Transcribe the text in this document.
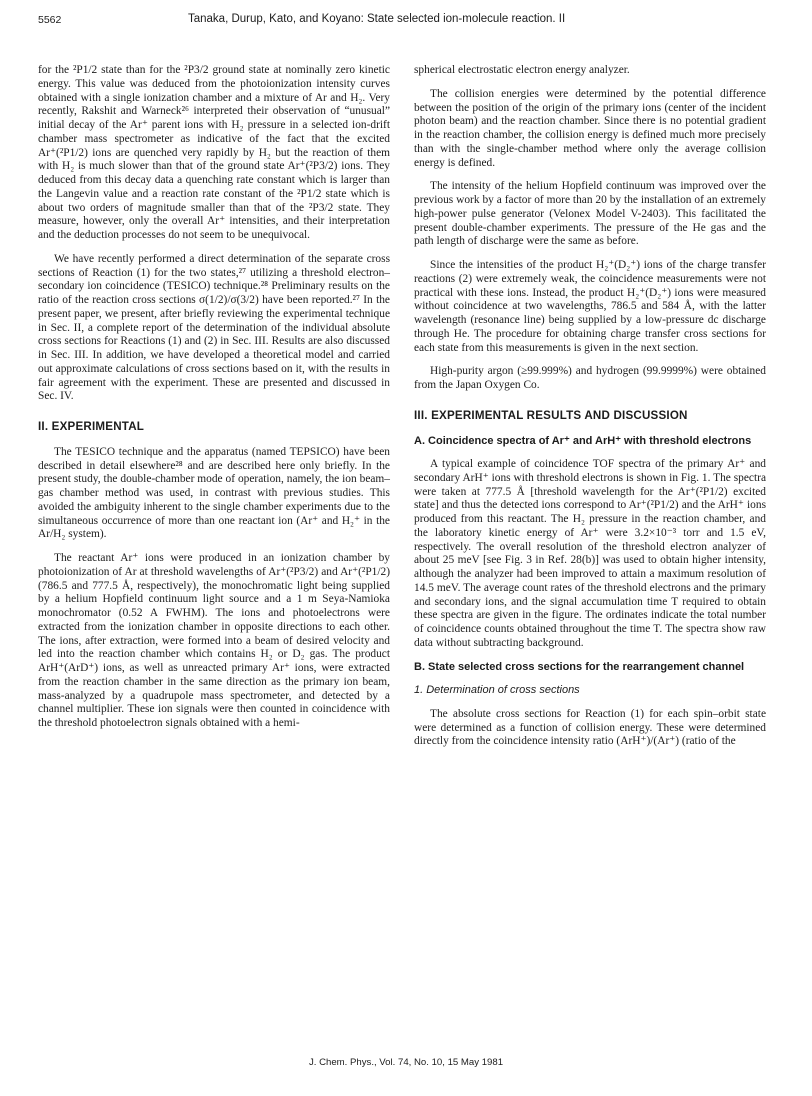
5562	Tanaka, Durup, Kato, and Koyano: State selected ion-molecule reaction. II

for the ²P1/2 state than for the ²P3/2 ground state at nominally zero kinetic energy. This value was deduced from the photoionization intensity curves obtained with a single ionization chamber and a mixture of Ar and H₂. Very recently, Rakshit and Warneck²⁶ interpreted their observation of “unusual” initial decay of the Ar⁺ parent ions with H₂ pressure in a selected ion-drift chamber mass spectrometer as indicative of the fact that the excited Ar⁺(²P1/2) ions are quenched very rapidly by H₂ but the reaction of them with H₂ is much slower than that of the ground state Ar⁺(²P3/2) ions. They deduced from this decay data a quenching rate constant which is larger than the Langevin value and a reaction rate constant of the ²P1/2 state which is about two orders of magnitude smaller than that of the ²P3/2 state. They measure, however, only the overall Ar⁺ intensities, and their interpretation and the deduction processes do not seem to be unequivocal.

We have recently performed a direct determination of the separate cross sections of Reaction (1) for the two states,²⁷ utilizing a threshold electron–secondary ion coincidence (TESICO) technique.²⁸ Preliminary results on the ratio of the reaction cross sections σ(1/2)/σ(3/2) have been reported.²⁷ In the present paper, we present, after briefly reviewing the experimental technique in Sec. II, a complete report of the determination of the individual absolute cross sections for Reactions (1) and (2) in Sec. III. Results are also discussed in Sec. III. In addition, we have developed a theoretical model and carried out approximate calculations of cross sections based on it, with the results in fair agreement with the experiment. These are presented and discussed in Sec. IV.

II. EXPERIMENTAL

The TESICO technique and the apparatus (named TEPSICO) have been described in detail elsewhere²⁸ and are described here only briefly. In the present study, the double-chamber mode of operation, namely, the ion beam–gas chamber method was used, in contrast with previous studies. This avoided the ambiguity inherent to the single chamber experiments due to the simultaneous occurrence of more than one reactant ion (Ar⁺ and H₂⁺ in the Ar/H₂ system).

The reactant Ar⁺ ions were produced in an ionization chamber by photoionization of Ar at threshold wavelengths of Ar⁺(²P3/2) and Ar⁺(²P1/2) (786.5 and 777.5 Å, respectively), the monochromatic light being supplied by a helium Hopfield continuum light source and a 1 m Seya-Namioka monochromator (0.52 A FWHM). The ions and photoelectrons were extracted from the ionization chamber in opposite directions to each other. The ions, after extraction, were formed into a beam of desired velocity and led into the reaction chamber which contains H₂ or D₂ gas. The product ArH⁺(ArD⁺) ions, as well as unreacted primary Ar⁺ ions, were extracted from the reaction chamber in the same direction as the primary ion beam, mass-analyzed by a quadrupole mass spectrometer, and detected by a channel multiplier. These ion signals were then counted in coincidence with the threshold photoelectron signals obtained with a hemi-

spherical electrostatic electron energy analyzer.

The collision energies were determined by the potential difference between the position of the origin of the primary ions (center of the incident photon beam) and the reaction chamber. Since there is no potential gradient in the reaction chamber, the collision energy is defined much more precisely than with the single-chamber method where only the average collision energy is defined.

The intensity of the helium Hopfield continuum was improved over the previous work by a factor of more than 20 by the installation of an extremely high-power pulse generator (Velonex Model V-2403). This facilitated the present double-chamber experiments. The pressure of the He gas and the path length of discharge were the same as before.

Since the intensities of the product H₂⁺(D₂⁺) ions of the charge transfer reactions (2) were extremely weak, the coincidence measurements were not practical with these ions. Instead, the product H₂⁺(D₂⁺) ions were measured without coincidence at two wavelengths, 786.5 and 584 Å, with the latter wavelength (resonance line) being supplied by a low-pressure dc discharge through He. The procedure for obtaining charge transfer cross sections for each state from this measurements is given in the next section.

High-purity argon (≥99.999%) and hydrogen (99.9999%) were obtained from the Japan Oxygen Co.

III. EXPERIMENTAL RESULTS AND DISCUSSION
A. Coincidence spectra of Ar⁺ and ArH⁺ with threshold electrons

A typical example of coincidence TOF spectra of the primary Ar⁺ and secondary ArH⁺ ions with threshold electrons is shown in Fig. 1. The spectra were taken at 777.5 Å [threshold wavelength for the Ar⁺(²P1/2) excited state] and thus the detected ions correspond to Ar⁺(²P1/2) and the ArH⁺ ions produced from this reactant. The H₂ pressure in the reaction chamber, and the laboratory kinetic energy of Ar⁺ were 3.2×10⁻³ torr and 1.5 eV, respectively. The overall resolution of the threshold electron analyzer of about 25 meV [see Fig. 3 in Ref. 28(b)] was used to obtain higher intensity, although the analyzer had been improved to attain a maximum resolution of 14.5 meV. The average count rates of the threshold electrons and the primary and secondary ions, and the signal accumulation time T required to obtain these spectra are given in the figure. The ordinates indicate the total number of coincidence counts obtained throughout the time T. The spectra show raw data without subtracting background.

B. State selected cross sections for the rearrangement channel
1. Determination of cross sections

The absolute cross sections for Reaction (1) for each spin–orbit state were determined as a function of collision energy. These were determined directly from the coincidence intensity ratio (ArH⁺)/(Ar⁺) (ratio of the

J. Chem. Phys., Vol. 74, No. 10, 15 May 1981
